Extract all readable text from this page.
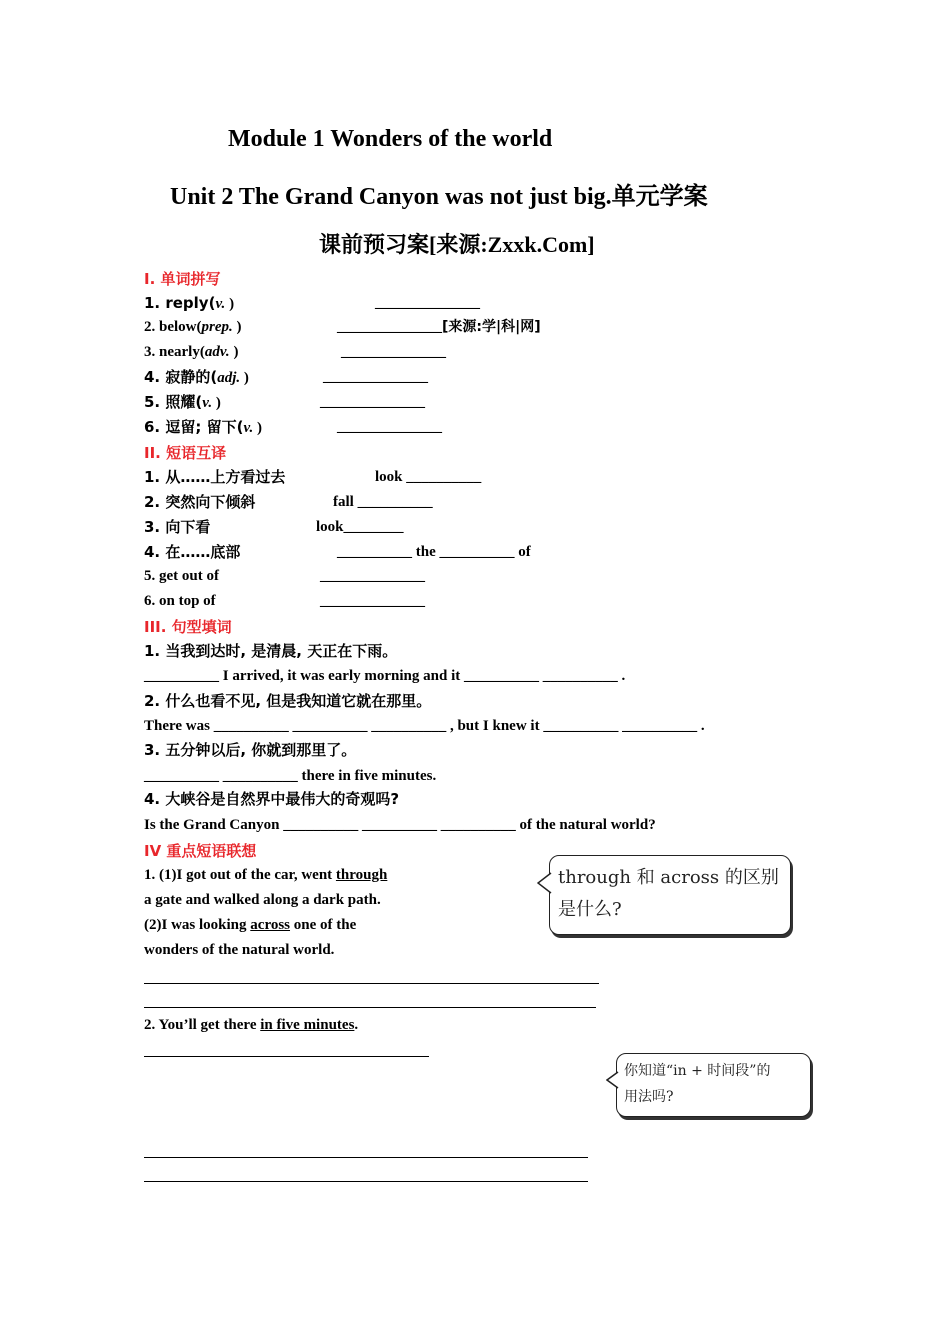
Module 1 Won​ders of the world
Unit 2 The Grand Canyon was not just big.单元学案
课前预习案[来源:Zxxk.Com]
I. 单词拼写
1. reply(v. )	______________
2. below(prep. )	______________[来源:学|科|网]
3. nearly(adv. )	______________
4. 寂静的(adj. )	______________
5. 照耀(v. )	______________
6. 逗留; 留下(v. )	______________
II. 短语互译
1. 从……上方看过去	look __________
2. 突然向下倾斜	fall __________
3. 向下看	look________
4. 在……底部	__________ the __________ of
5. get out of	______________
6. on top of	______________
III. 句型填词
1. 当我到达时, 是清晨, 天正在下雨。
__________ I arrived, it was early morning and it __________ __________ .
2. 什么也看不见, 但是我知道它就在那里。
There was __________ __________ __________ , but I knew it __________ __________ .
3. 五分钟以后, 你就到那里了。
__________ __________ there in five minutes.
4. 大峡谷是自然界中最伟大的奇观吗?
Is the Grand Canyon __________ __________ __________ of the natural world?
IV 重点短语联想
1. (1)I got out of the car, went through
a gate and walked along a dark path.
(2)I was looking across one of the
wonders of the natural world.
2. You’ll get there in five minutes.
through 和 across 的区别
是什么?
你知道“in + 时间段”的
用法吗?
